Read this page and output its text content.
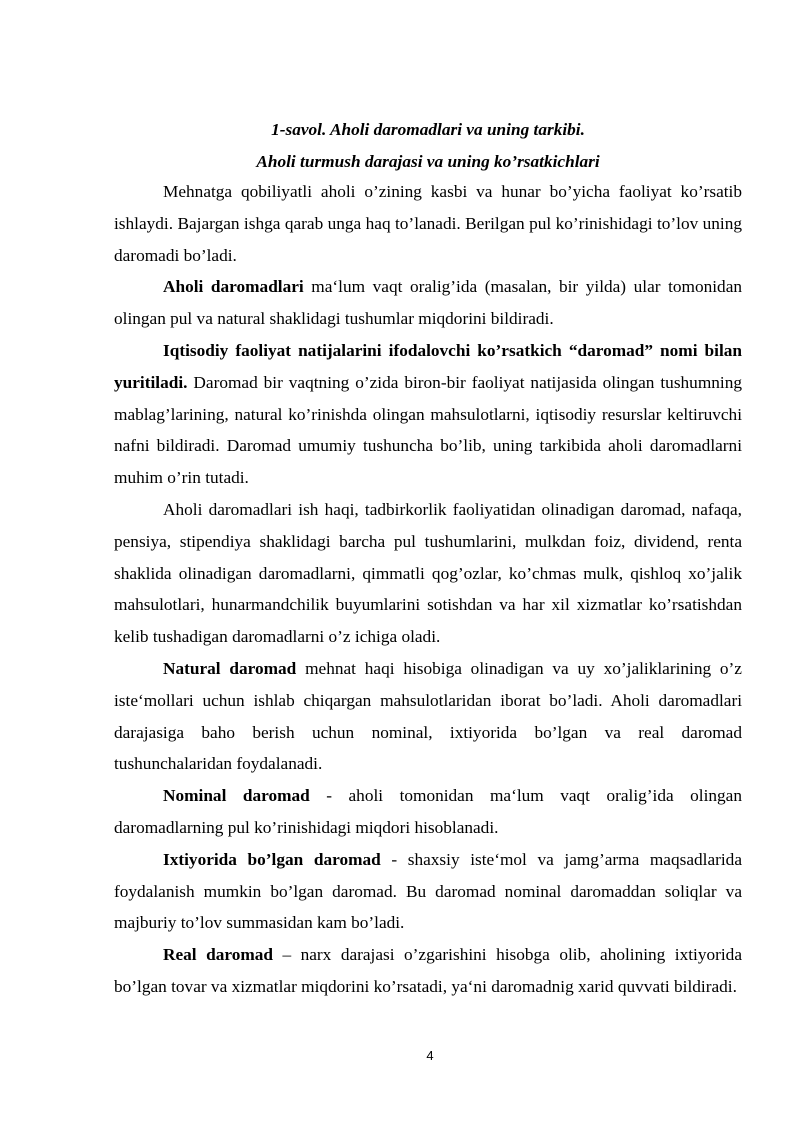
1-savol. Aholi daromadlari va uning tarkibi.
Aholi turmush darajasi va uning ko’rsatkichlari

Mehnatga qobiliyatli aholi o’zining kasbi va hunar bo’yicha faoliyat ko’rsatib ishlaydi. Bajargan ishga qarab unga haq to’lanadi. Berilgan pul ko’rinishidagi to’lov uning daromadi bo’ladi.

Aholi daromadlari ma‘lum vaqt oralig’ida (masalan, bir yilda) ular tomonidan olingan pul va natural shaklidagi tushumlar miqdorini bildiradi.

Iqtisodiy faoliyat natijalarini ifodalovchi ko’rsatkich “daromad” nomi bilan yuritiladi. Daromad bir vaqtning o’zida biron-bir faoliyat natijasida olingan tushumning mablag’larining, natural ko’rinishda olingan mahsulotlarni, iqtisodiy resurslar keltiruvchi nafni bildiradi. Daromad umumiy tushuncha bo’lib, uning tarkibida aholi daromadlarni muhim o’rin tutadi.

Aholi daromadlari ish haqi, tadbirkorlik faoliyatidan olinadigan daromad, nafaqa, pensiya, stipendiya shaklidagi barcha pul tushumlarini, mulkdan foiz, dividend, renta shaklida olinadigan daromadlarni, qimmatli qog’ozlar, ko’chmas mulk, qishloq xo’jalik mahsulotlari, hunarmandchilik buyumlarini sotishdan va har xil xizmatlar ko’rsatishdan kelib tushadigan daromadlarni o’z ichiga oladi.

Natural daromad mehnat haqi hisobiga olinadigan va uy xo’jaliklarining o’z iste‘mollari uchun ishlab chiqargan mahsulotlaridan iborat bo’ladi. Aholi daromadlari darajasiga baho berish uchun nominal, ixtiyorida bo’lgan va real daromad tushunchalaridan foydalanadi.

Nominal daromad - aholi tomonidan ma‘lum vaqt oralig’ida olingan daromadlarning pul ko’rinishidagi miqdori hisoblanadi.

Ixtiyorida bo’lgan daromad - shaxsiy iste‘mol va jamg’arma maqsadlarida foydalanish mumkin bo’lgan daromad. Bu daromad nominal daromaddan soliqlar va majburiy to’lov summasidan kam bo’ladi.

Real daromad – narx darajasi o’zgarishini hisobga olib, aholining ixtiyorida bo’lgan tovar va xizmatlar miqdorini ko’rsatadi, ya‘ni daromadnig xarid quvvati bildiradi.

4
